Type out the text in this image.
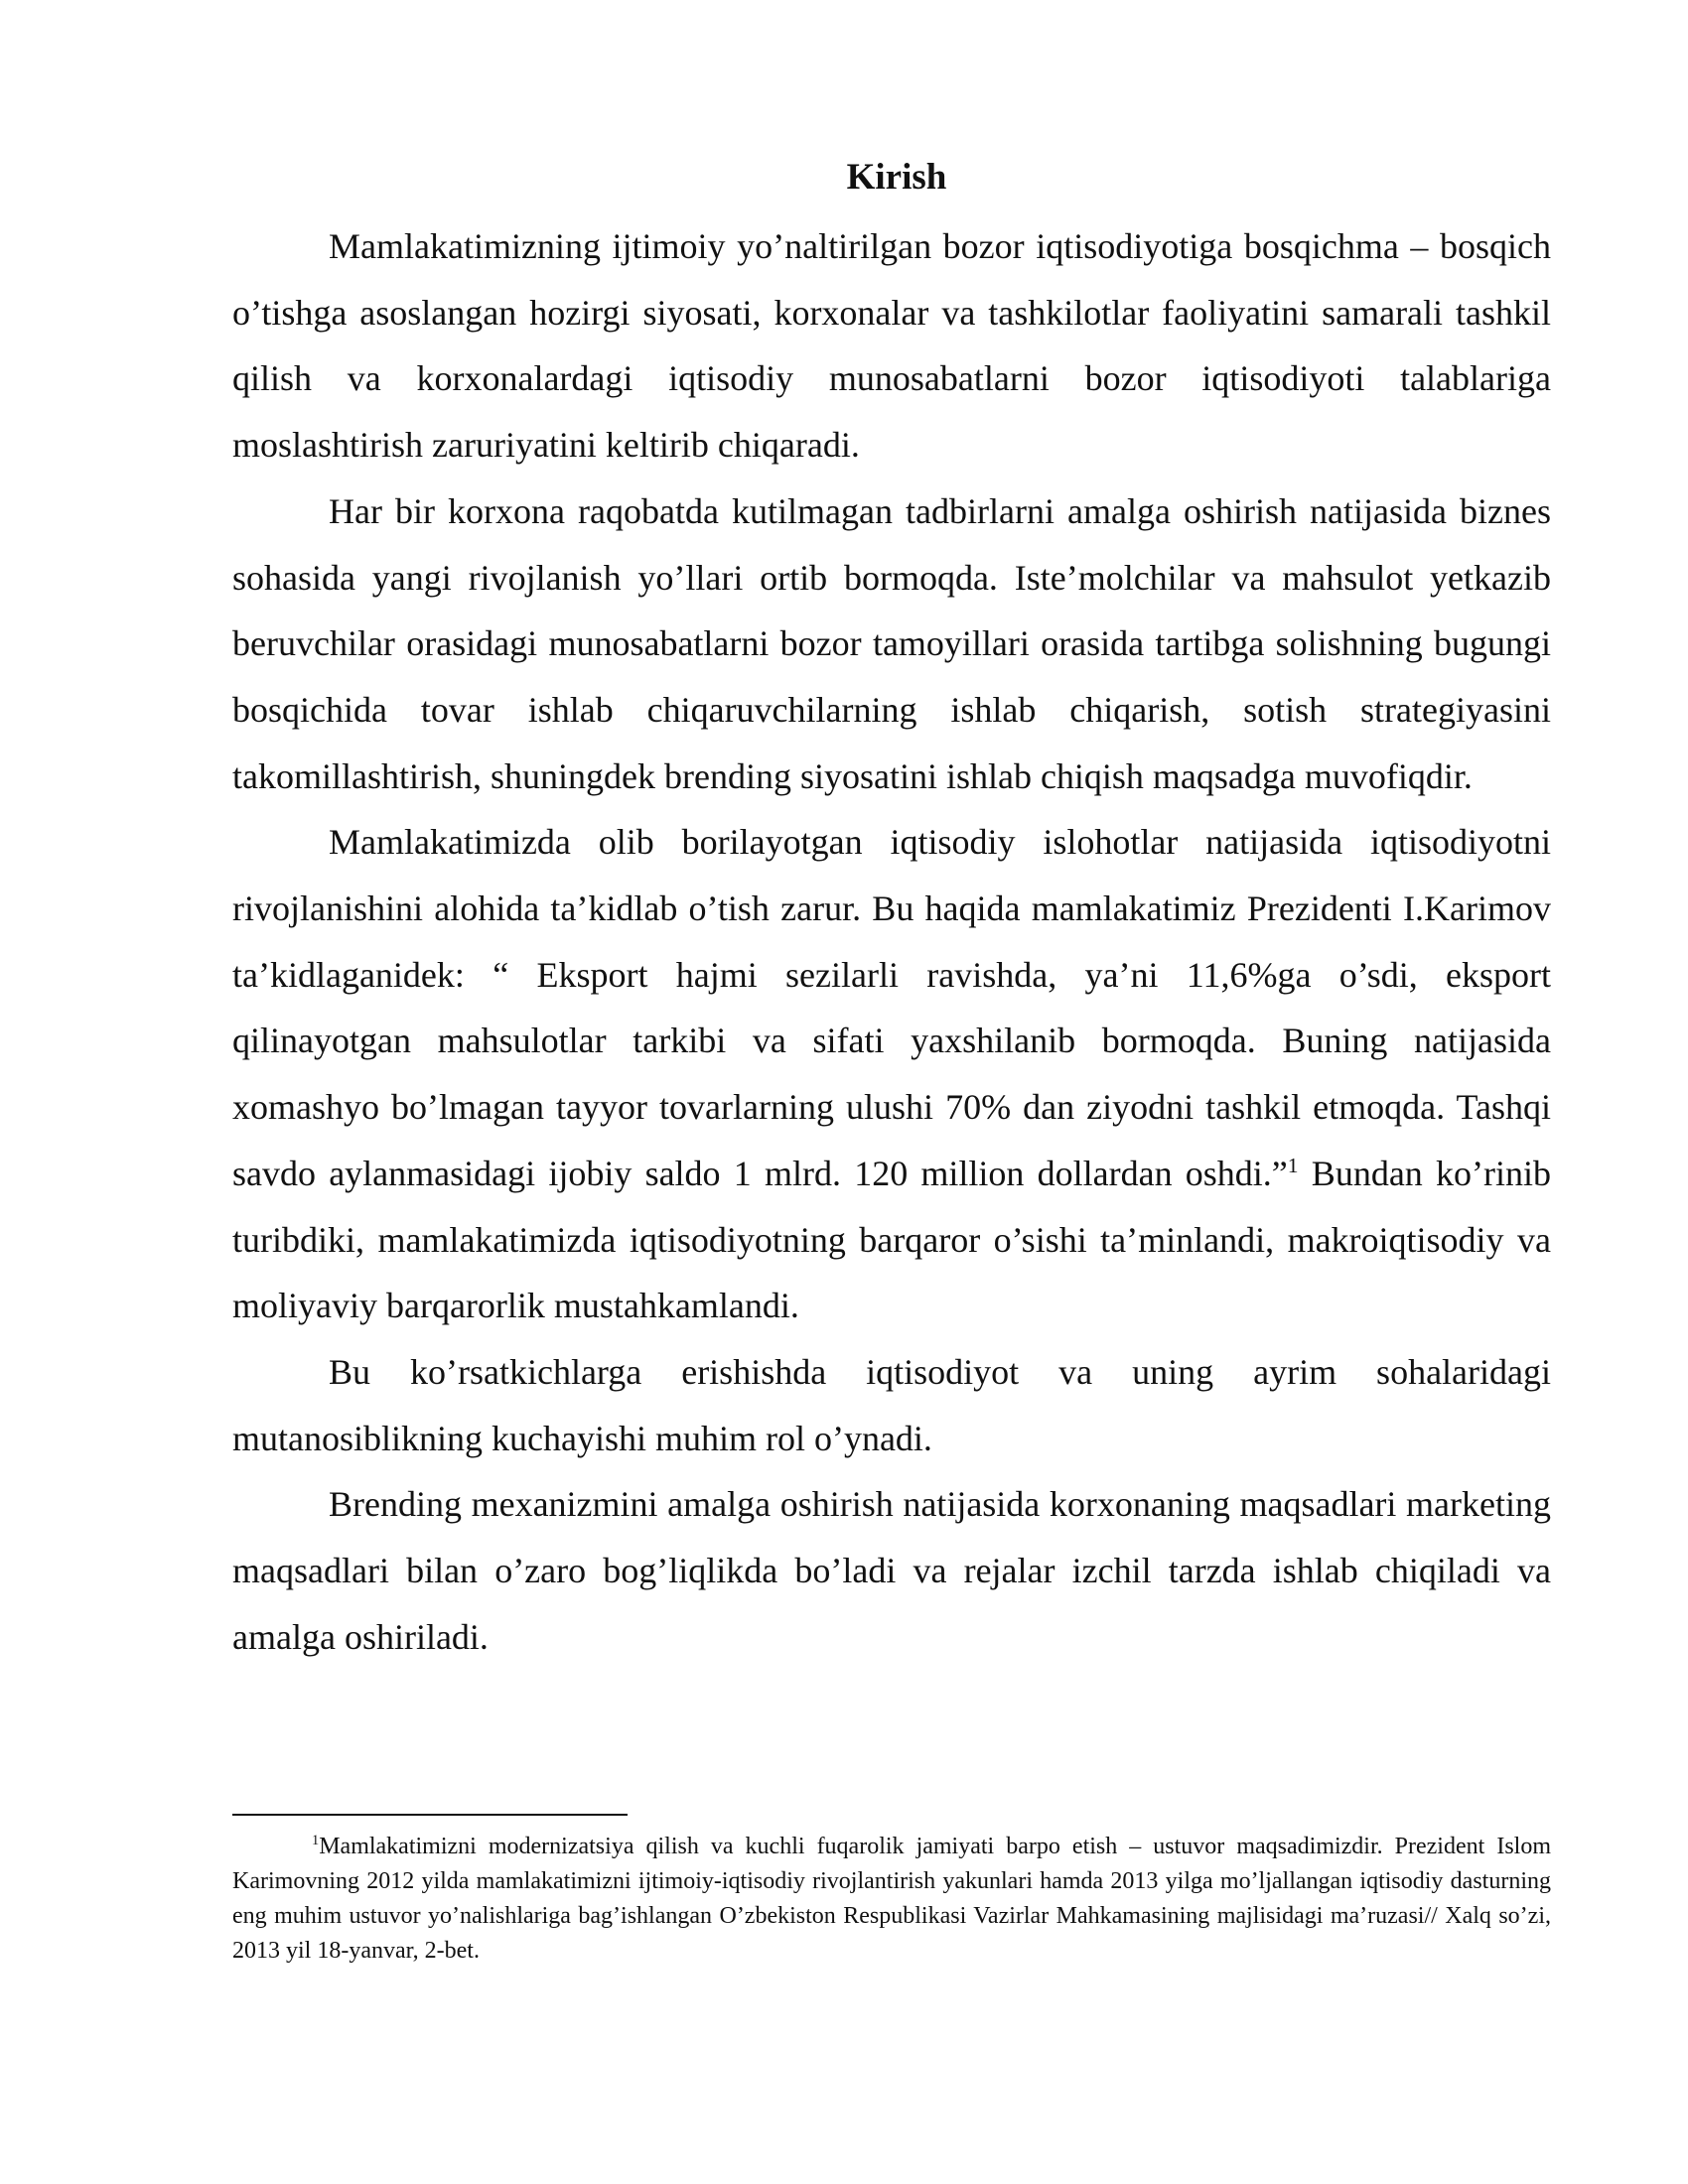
Kirish

Mamlakatimizning ijtimoiy yo’naltirilgan bozor iqtisodiyotiga bosqichma – bosqich o’tishga asoslangan hozirgi siyosati, korxonalar va tashkilotlar faoliyatini samarali tashkil qilish va korxonalardagi iqtisodiy munosabatlarni bozor iqtisodiyoti talablariga moslashtirish zaruriyatini keltirib chiqaradi.

Har bir korxona raqobatda kutilmagan tadbirlarni amalga oshirish natijasida biznes sohasida yangi rivojlanish yo’llari ortib bormoqda. Iste’molchilar va mahsulot yetkazib beruvchilar orasidagi munosabatlarni bozor tamoyillari orasida tartibga solishning bugungi bosqichida tovar ishlab chiqaruvchilarning ishlab chiqarish, sotish strategiyasini takomillashtirish, shuningdek brending siyosatini ishlab chiqish maqsadga muvofiqdir.

Mamlakatimizda olib borilayotgan iqtisodiy islohotlar natijasida iqtisodiyotni rivojlanishini alohida ta’kidlab o’tish zarur. Bu haqida mamlakatimiz Prezidenti I.Karimov ta’kidlaganidek: “ Eksport hajmi sezilarli ravishda, ya’ni 11,6%ga o’sdi, eksport qilinayotgan mahsulotlar tarkibi va sifati yaxshilanib bormoqda. Buning natijasida xomashyo bo’lmagan tayyor tovarlarning ulushi 70% dan ziyodni tashkil etmoqda. Tashqi savdo aylanmasidagi ijobiy saldo 1 mlrd. 120 million dollardan oshdi.”$^1$ Bundan ko’rinib turibdiki, mamlakatimizda iqtisodiyotning barqaror o’sishi ta’minlandi, makroiqtisodiy va moliyaviy barqarorlik mustahkamlandi.

Bu ko’rsatkichlarga erishishda iqtisodiyot va uning ayrim sohalaridagi mutanosiblikning kuchayishi muhim rol o’ynadi.

Brending mexanizmini amalga oshirish natijasida korxonaning maqsadlari marketing maqsadlari bilan o’zaro bog’liqlikda bo’ladi va rejalar izchil tarzda ishlab chiqiladi va amalga oshiriladi.

$^1$Mamlakatimizni modernizatsiya qilish va kuchli fuqarolik jamiyati barpo etish – ustuvor maqsadimizdir. Prezident Islom Karimovning 2012 yilda mamlakatimizni ijtimoiy-iqtisodiy rivojlantirish yakunlari hamda 2013 yilga mo’ljallangan iqtisodiy dasturning eng muhim ustuvor yo’nalishlariga bag’ishlangan O’zbekiston Respublikasi Vazirlar Mahkamasining majlisidagi ma’ruzasi// Xalq so’zi, 2013 yil 18-yanvar, 2-bet.
